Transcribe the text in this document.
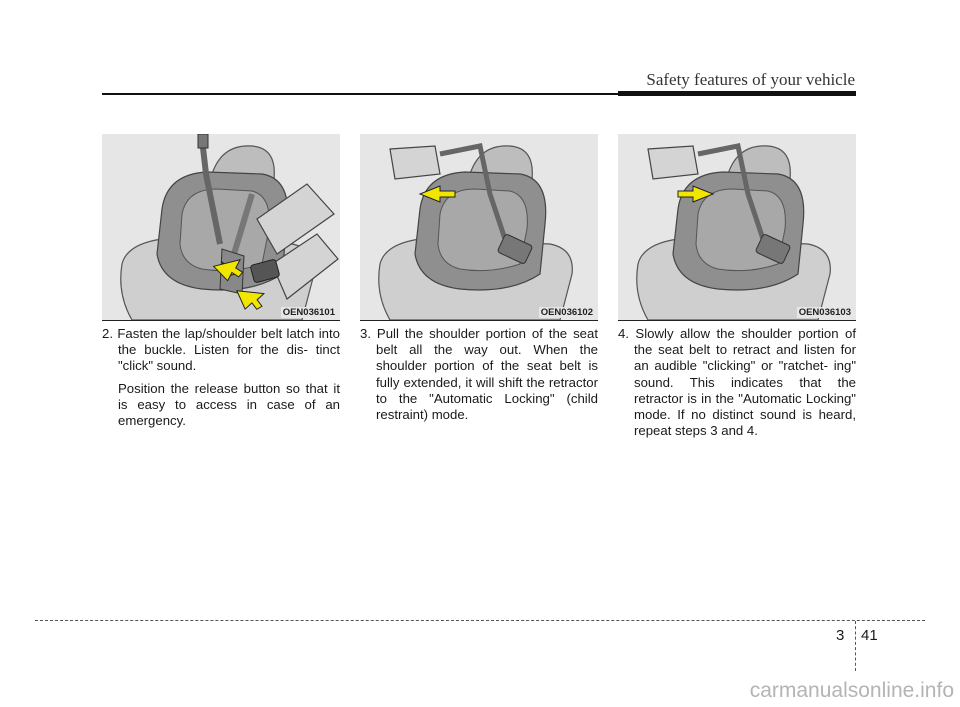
Safety features of your vehicle
OEN036101	OEN036102	OEN036103

2. Fasten the lap/shoulder belt latch into the buckle. Listen for the dis- tinct "click" sound.

Position the release button so that it is easy to access in case of an emergency.

3. Pull the shoulder portion of the seat belt all the way out. When the shoulder portion of the seat belt is fully extended, it will shift the retractor to the "Automatic Locking" (child restraint) mode.

4. Slowly allow the shoulder portion of the seat belt to retract and listen for an audible "clicking" or "ratchet- ing" sound. This indicates that the retractor is in the "Automatic Locking" mode. If no distinct sound is heard, repeat steps 3 and 4.

3 41
carmanualsonline.info
